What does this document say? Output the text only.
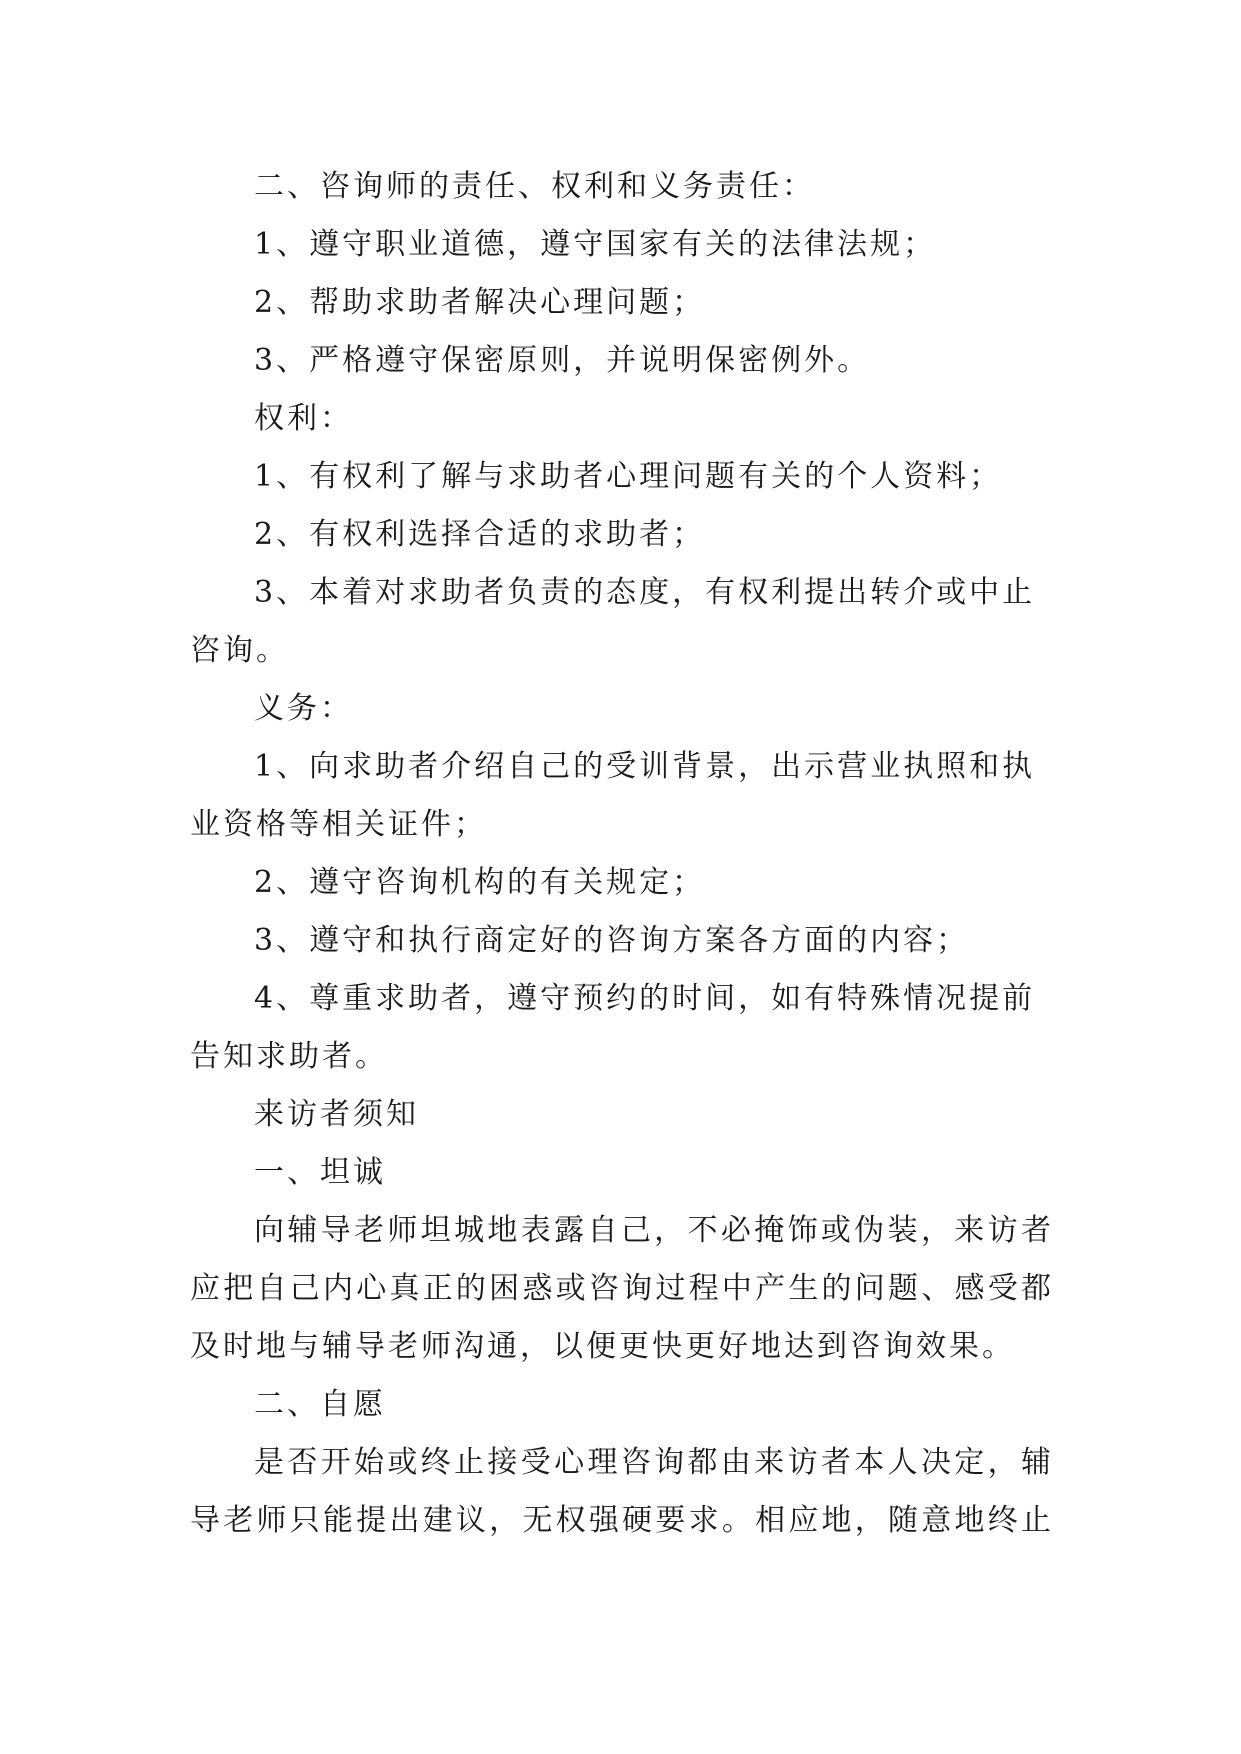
二、咨询师的责任、权利和义务责任：
1、遵守职业道德，遵守国家有关的法律法规；
2、帮助求助者解决心理问题；
3、严格遵守保密原则，并说明保密例外。
权利：
1、有权利了解与求助者心理问题有关的个人资料；
2、有权利选择合适的求助者；
3、本着对求助者负责的态度，有权利提出转介或中止
咨询。
义务：
1、向求助者介绍自己的受训背景，出示营业执照和执
业资格等相关证件；
2、遵守咨询机构的有关规定；
3、遵守和执行商定好的咨询方案各方面的内容；
4、尊重求助者，遵守预约的时间，如有特殊情况提前
告知求助者。
来访者须知
一、坦诚
向辅导老师坦城地表露自己，不必掩饰或伪装，来访者
应把自己内心真正的困惑或咨询过程中产生的问题、感受都
及时地与辅导老师沟通，以便更快更好地达到咨询效果。
二、自愿
是否开始或终止接受心理咨询都由来访者本人决定，辅
导老师只能提出建议，无权强硬要求。相应地，随意地终止
